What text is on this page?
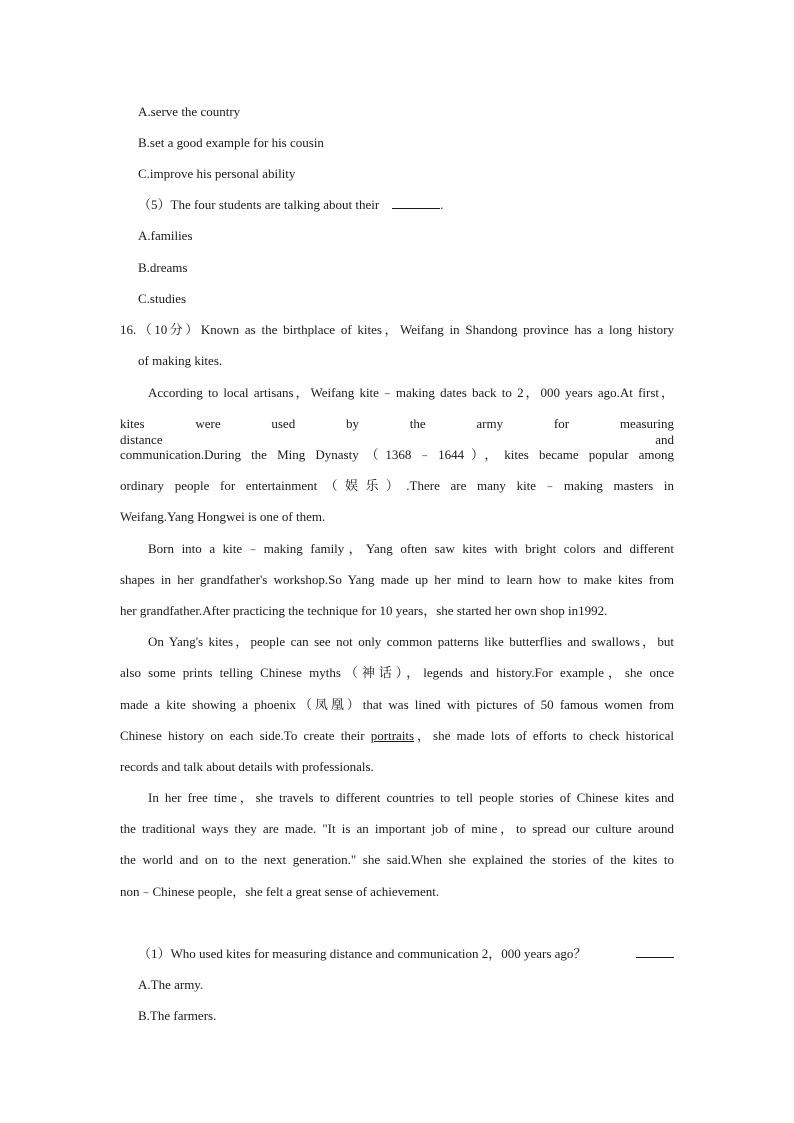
A.serve the country
B.set a good example for his cousin
C.improve his personal ability
（5）The four students are talking about their	.
A.families
B.dreams
C.studies
16.（10分）Known as the birthplace of kites，Weifang in Shandong province has a long history
of making kites.
According to local artisans，Weifang kite﹣making dates back to 2，000 years ago.At first，
kites were used by the army for measuring distance and
communication.During the Ming Dynasty（1368﹣1644），kites became popular among
ordinary people for entertainment（娱乐）.There are many kite﹣making masters in
Weifang.Yang Hongwei is one of them.
Born into a kite﹣making family，Yang often saw kites with bright colors and different
shapes in her grandfather's workshop.So Yang made up her mind to learn how to make kites from
her grandfather.After practicing the technique for 10 years，she started her own shop in1992.
On Yang's kites，people can see not only common patterns like butterflies and swallows，but
also some prints telling Chinese myths（神话），legends and history.For example，she once
made a kite showing a phoenix（凤凰）that was lined with pictures of 50 famous women from
Chinese history on each side.To create their portraits，she made lots of efforts to check historical
records and talk about details with professionals.
In her free time，she travels to different countries to tell people stories of Chinese kites and
the traditional ways they are made. "It is an important job of mine，to spread our culture around
the world and on to the next generation." she said.When she explained the stories of the kites to
non﹣Chinese people，she felt a great sense of achievement.
（1）Who used kites for measuring distance and communication 2，000 years ago？
A.The army.
B.The farmers.
